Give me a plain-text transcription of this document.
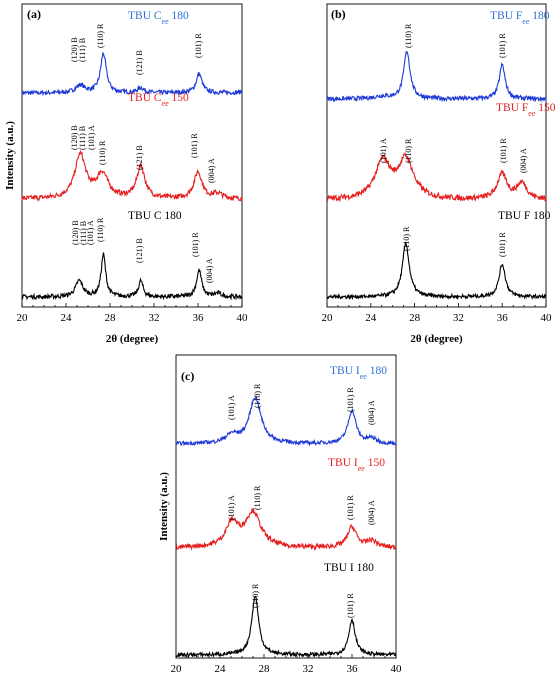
20	24	28	32	36	40
(a)
2θ (degree)
Intensity (a.u.)
TBU $C_{ee}$ 180
(120) B (111) B
(110) R
(121) B
(101) R
TBU $C_{ee}$ 150
(120) B (111) B (101) A
(110) R	(121) B	(101) R
(004) A
TBU C 180
(120) B (111) B
(101) A (110) R
(121) B	(101) R
(004) A
20	24	28	32	36	40
(b)
2θ (degree)
TBU $F_{ee}$ 180
(110) R	(101) R
TBU $F_{ee}$ 150
(101) A (110) R	(101) R (004) A
TBU F 180
(110) R	(101) R
20	24	28	32	36	40
(c)
Intensity (a.u.)
TBU $I_{ee}$ 180
(101) A (110) R	(101) R
(004) A
TBU $I_{ee}$ 150
(101) A (110) R	(101) R (004) A
TBU I 180
(110) R	(101) R
